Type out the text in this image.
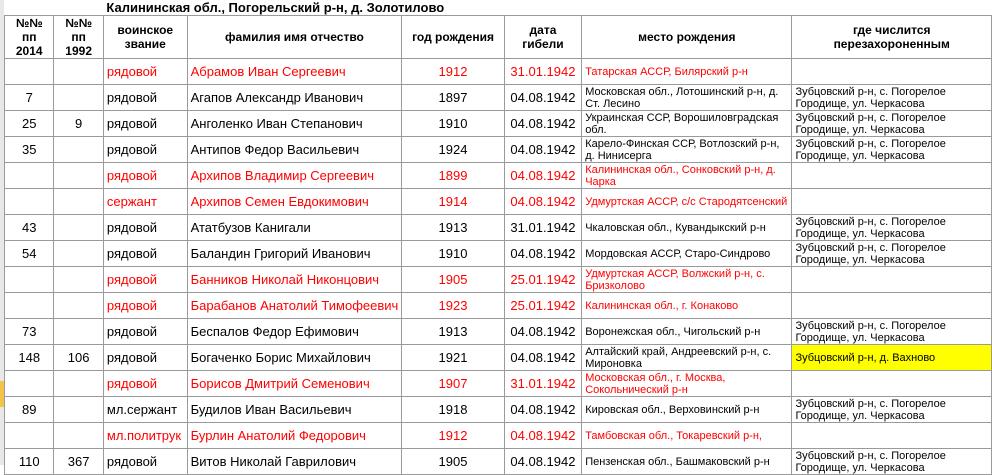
		Калининская обл., Погорельский р-н, д. Золотилово					
№№ пп 2014	№№ пп 1992	воинское звание	фамилия имя отчество	год рождения	дата гибели	место рождения	где числится перезахороненным
		рядовой	Абрамов Иван Сергеевич	1912	31.01.1942	Татарская АССР, Билярский р-н	
7		рядовой	Агапов Александр Иванович	1897	04.08.1942	Московская обл., Лотошинский р-н, д. Ст. Лесино	Зубцовский р-н, с. Погорелое Городище, ул. Черкасова
25	9	рядовой	Анголенко Иван Степанович	1910	04.08.1942	Украинская ССР, Ворошиловградская обл.	Зубцовский р-н, с. Погорелое Городище, ул. Черкасова
35		рядовой	Антипов Федор Васильевич	1924	04.08.1942	Карело-Финская ССР, Вотлозский р-н, д. Нинисерга	Зубцовский р-н, с. Погорелое Городище, ул. Черкасова
		рядовой	Архипов Владимир Сергеевич	1899	04.08.1942	Калининская обл., Сонковский р-н, д. Чарка	
		сержант	Архипов Семен Евдокимович	1914	04.08.1942	Удмуртская АССР, с/с Стародятсенский	
43		рядовой	Ататбузов Канигали	1913	31.01.1942	Чкаловская обл., Кувандыкский р-н	Зубцовский р-н, с. Погорелое Городище, ул. Черкасова
54		рядовой	Баландин Григорий Иванович	1910	04.08.1942	Мордовская АССР, Старо-Синдрово	Зубцовский р-н, с. Погорелое Городище, ул. Черкасова
		рядовой	Банников Николай Никонцович	1905	25.01.1942	Удмуртская АССР, Волжский р-н, с. Бризколово	
		рядовой	Барабанов Анатолий Тимофеевич	1923	25.01.1942	Калининская обл., г. Конаково	
73		рядовой	Беспалов Федор Ефимович	1913	04.08.1942	Воронежская обл., Чигольский р-н	Зубцовский р-н, с. Погорелое Городище, ул. Черкасова
148	106	рядовой	Богаченко Борис Михайлович	1921	04.08.1942	Алтайский край, Андреевский р-н, с. Мироновка	Зубцовский р-н, д. Вахново
		рядовой	Борисов Дмитрий Семенович	1907	31.01.1942	Московская обл., г. Москва, Сокольнический р-н	
89		мл.сержант	Будилов Иван Васильевич	1918	04.08.1942	Кировская обл., Верховинский р-н	Зубцовский р-н, с. Погорелое Городище, ул. Черкасова
		мл.политрук	Бурлин Анатолий Федорович	1912	04.08.1942	Тамбовская обл., Токаревский р-н,	
110	367	рядовой	Витов Николай Гаврилович	1905	04.08.1942	Пензенская обл., Башмаковский р-н	Зубцовский р-н, с. Погорелое Городище, ул. Черкасова
